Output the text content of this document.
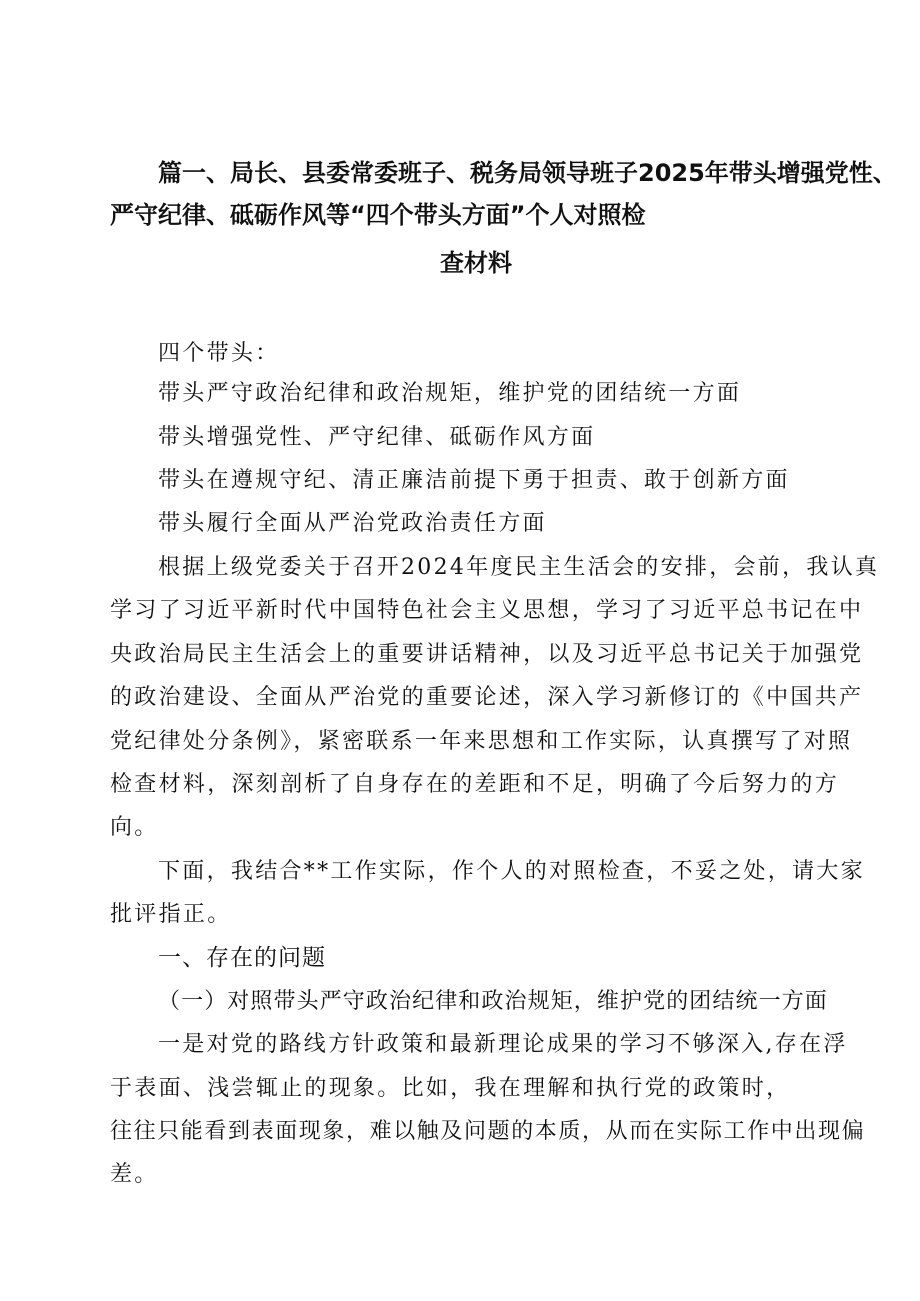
篇一、局长、县委常委班子、税务局领导班子2025年带头增强党性、
严守纪律、砥砺作风等“四个带头方面”个人对照检
查材料
四个带头：
带头严守政治纪律和政治规矩，维护党的团结统一方面
带头增强党性、严守纪律、砥砺作风方面
带头在遵规守纪、清正廉洁前提下勇于担责、敢于创新方面
带头履行全面从严治党政治责任方面
根据上级党委关于召开2024年度民主生活会的安排，会前，我认真
学习了习近平新时代中国特色社会主义思想，学习了习近平总书记在中
央政治局民主生活会上的重要讲话精神，以及习近平总书记关于加强党
的政治建设、全面从严治党的重要论述，深入学习新修订的《中国共产
党纪律处分条例》，紧密联系一年来思想和工作实际，认真撰写了对照
检查材料，深刻剖析了自身存在的差距和不足，明确了今后努力的方
向。
下面，我结合**工作实际，作个人的对照检查，不妥之处，请大家
批评指正。
一、存在的问题
（一）对照带头严守政治纪律和政治规矩，维护党的团结统一方面
一是对党的路线方针政策和最新理论成果的学习不够深入,存在浮
于表面、浅尝辄止的现象。比如，我在理解和执行党的政策时，
往往只能看到表面现象，难以触及问题的本质，从而在实际工作中出现偏
差。
